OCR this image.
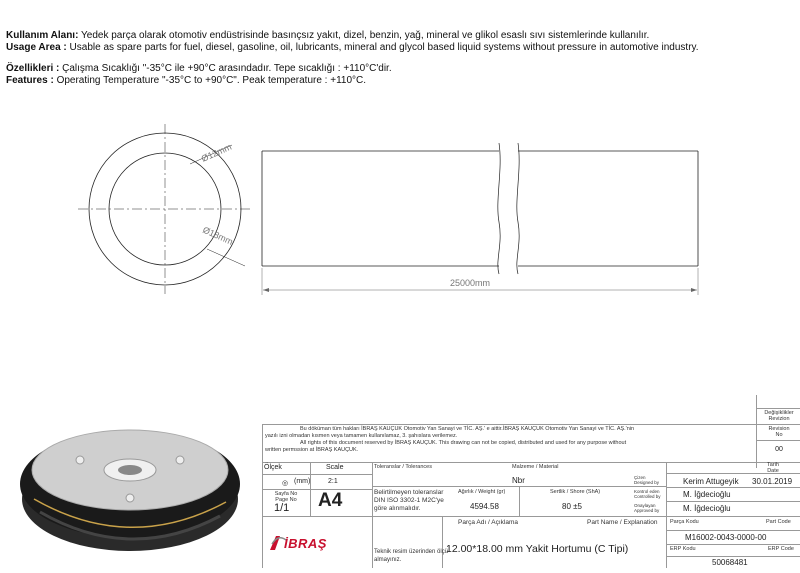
Kullanım Alanı: Yedek parça olarak otomotiv endüstrisinde basınçsız yakıt, dizel, benzin, yağ, mineral ve glikol esaslı sıvı sistemlerinde kullanılır.
Usage Area : Usable as spare parts for fuel, diesel, gasoline, oil, lubricants, mineral and glycol based liquid systems without pressure in automotive industry.
Özellikleri : Çalışma Sıcaklığı "-35°C ile +90°C arasındadır. Tepe sıcaklığı : +110°C'dir.
Features : Operating Temperature "-35°C to +90°C". Peak temperature : +110°C.
Ø12mm
Ø18mm
25000mm
Değişiklikler
Revizion
Revision
No
00
Bu döküman tüm hakları İBRAŞ KAUÇUK Otomotiv Yan Sanayi ve TİC. AŞ.' e aittir.İBRAŞ KAUÇUK Otomotiv Yan Sanayi ve TİC. AŞ.'nin
yazılı izni olmadan kısmen veya tamamen kullanılamaz, 3. şahıslara verilemez.
All rights of this document reserved by İBRAŞ KAUÇUK. This drawing can not be copied, distributed and used for any purpose without
written permssion at İBRAŞ KAUÇUK.
Ölçek	Scale
◎ (mm)	2:1
Sayfa No
Page No
1/1 A4
Toleranslar / Tolerances
Belirtilmeyen toleranslar
DIN ISO 3302-1 M2C'ye
göre alınmalıdır.
Malzeme / Material
Nbr
Ağırlık / Weight (gr)
4594.58
Sertlik / Shore (ShA)
80 ±5
Çizen
Designed by	Kerim Attugeyik
Kontrol eden
Controlled by	M. İğdecioğlu
Onaylayan
Approved by	M. İğdecioğlu
Tarih
Date
30.01.2019
Parça Adı / Açıklama	Part Name / Explanation
12.00*18.00 mm Yakit Hortumu (C Tipi)
Parça Kodu	Part Code
M16002-0043-0000-00
ERP Kodu	ERP Code
50068481
Teknik resim üzerinden ölçü
almayınız.
İBRAŞ
